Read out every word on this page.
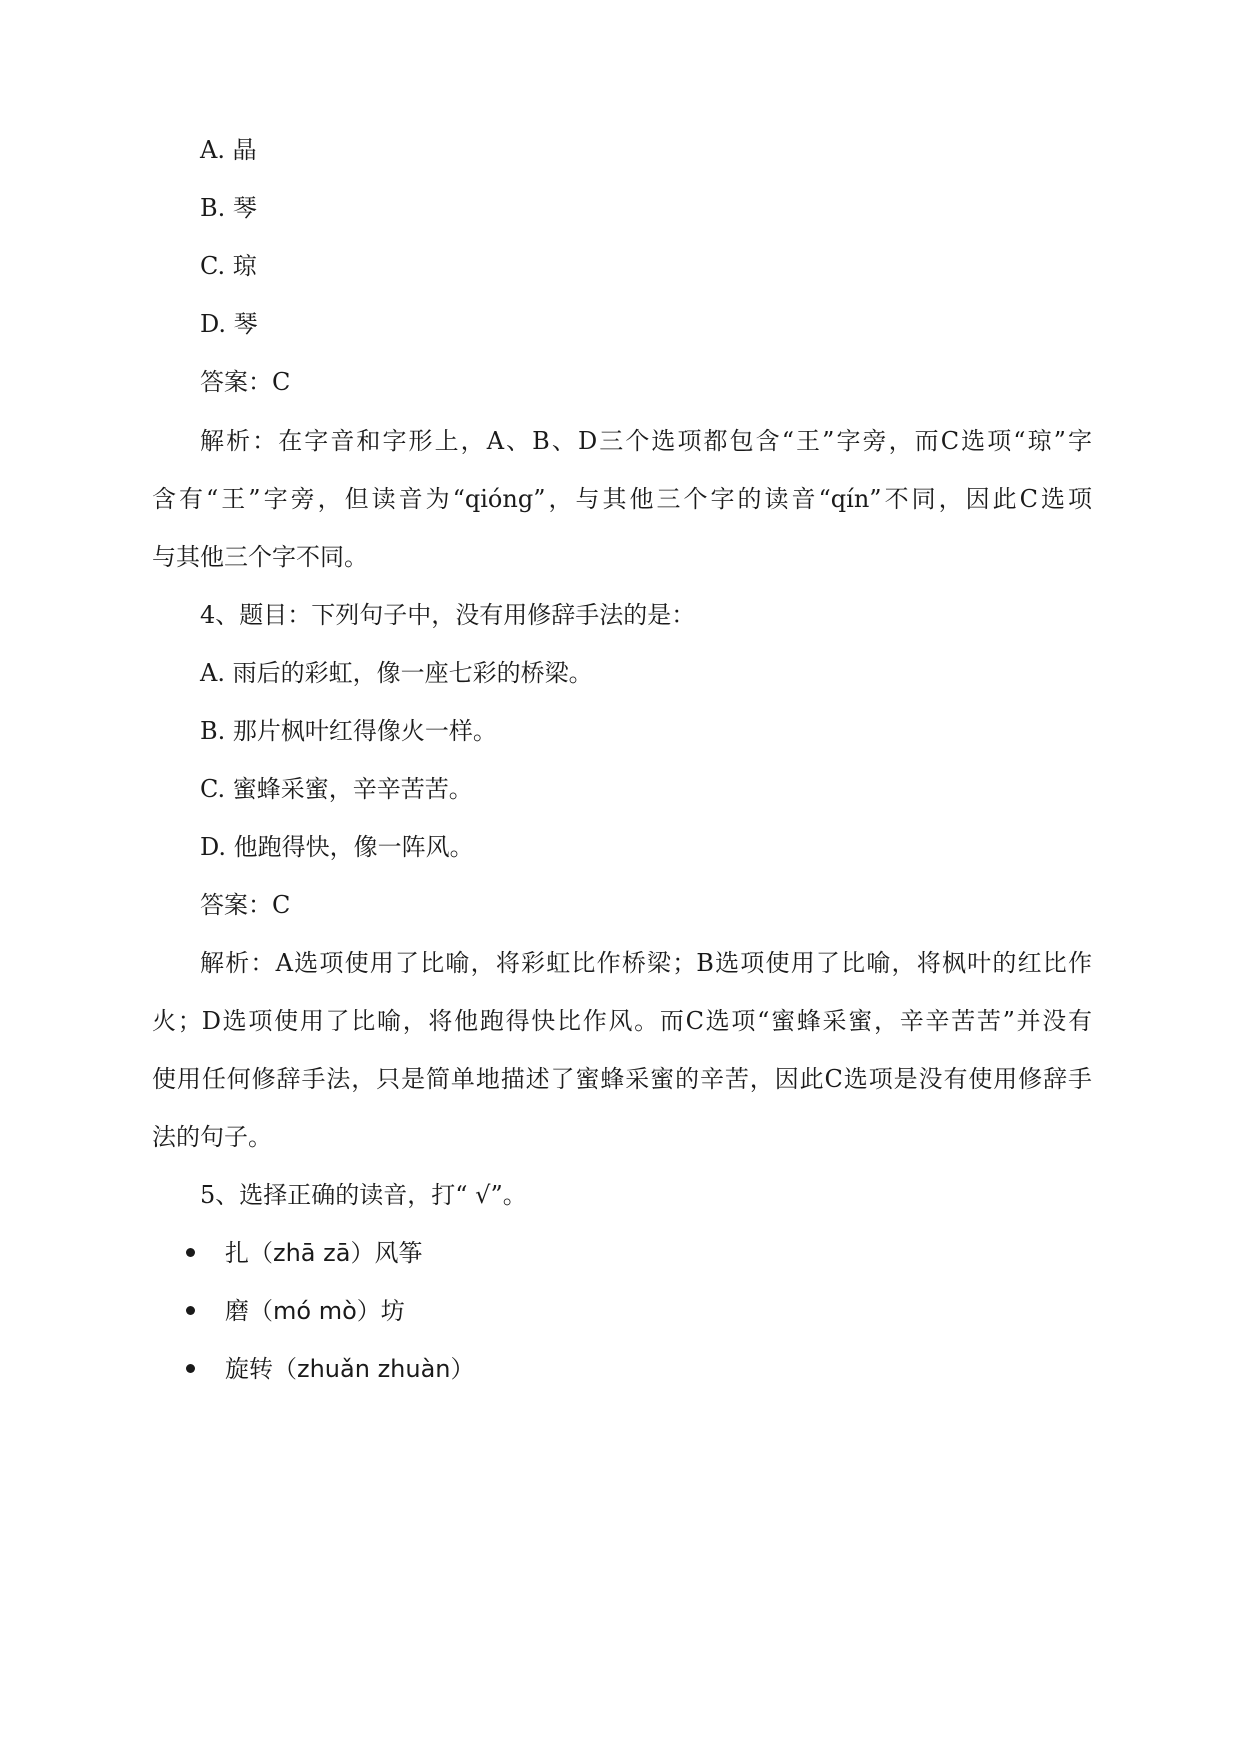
A. 晶
B. 琴
C. 琼
D. 琴
答案：C
解析：在字音和字形上，A、B、D三个选项都包含“王”字旁，而C选项“琼”字
含有“王”字旁，但读音为“qióng”，与其他三个字的读音“qín”不同，因此C选项
与其他三个字不同。
4、题目：下列句子中，没有用修辞手法的是：
A. 雨后的彩虹，像一座七彩的桥梁。
B. 那片枫叶红得像火一样。
C. 蜜蜂采蜜，辛辛苦苦。
D. 他跑得快，像一阵风。
答案：C
解析：A选项使用了比喻，将彩虹比作桥梁；B选项使用了比喻，将枫叶的红比作
火；D选项使用了比喻，将他跑得快比作风。而C选项“蜜蜂采蜜，辛辛苦苦”并没有
使用任何修辞手法，只是简单地描述了蜜蜂采蜜的辛苦，因此C选项是没有使用修辞手
法的句子。
5、选择正确的读音，打“ √”。
扎（zhā zā）风筝
磨（mó mò）坊
旋转（zhuǎn zhuàn）
